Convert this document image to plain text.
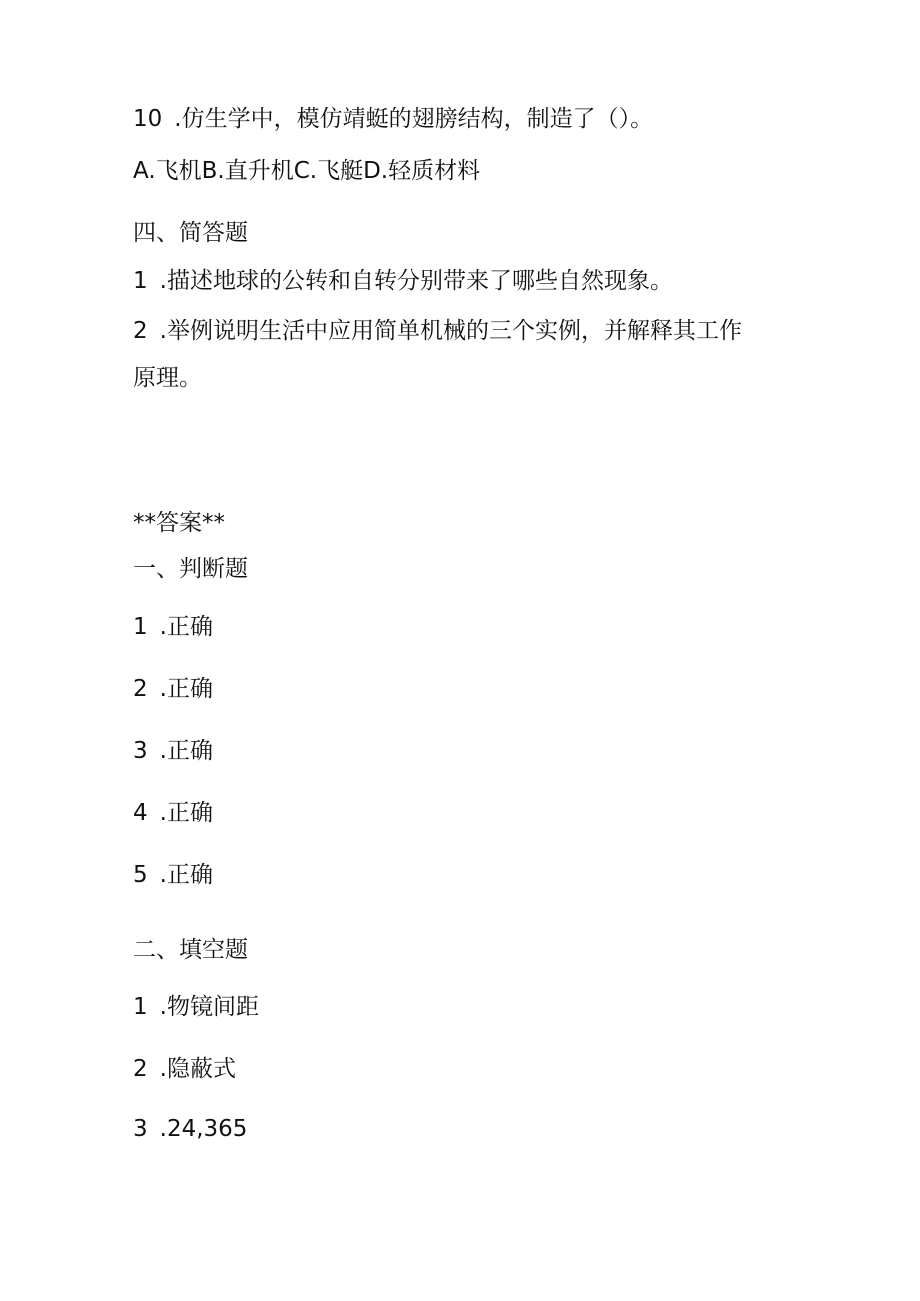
10 .仿生学中，模仿靖蜓的翅膀结构，制造了（）。
A.飞机B.直升机C.飞艇D.轻质材料
四、简答题
1 .描述地球的公转和自转分别带来了哪些自然现象。
2 .举例说明生活中应用简单机械的三个实例，并解释其工作
原理。
**答案**
一、判断题
1 .正确
2 .正确
3 .正确
4 .正确
5 .正确
二、填空题
1 .物镜间距
2 .隐蔽式
3 .24,365
